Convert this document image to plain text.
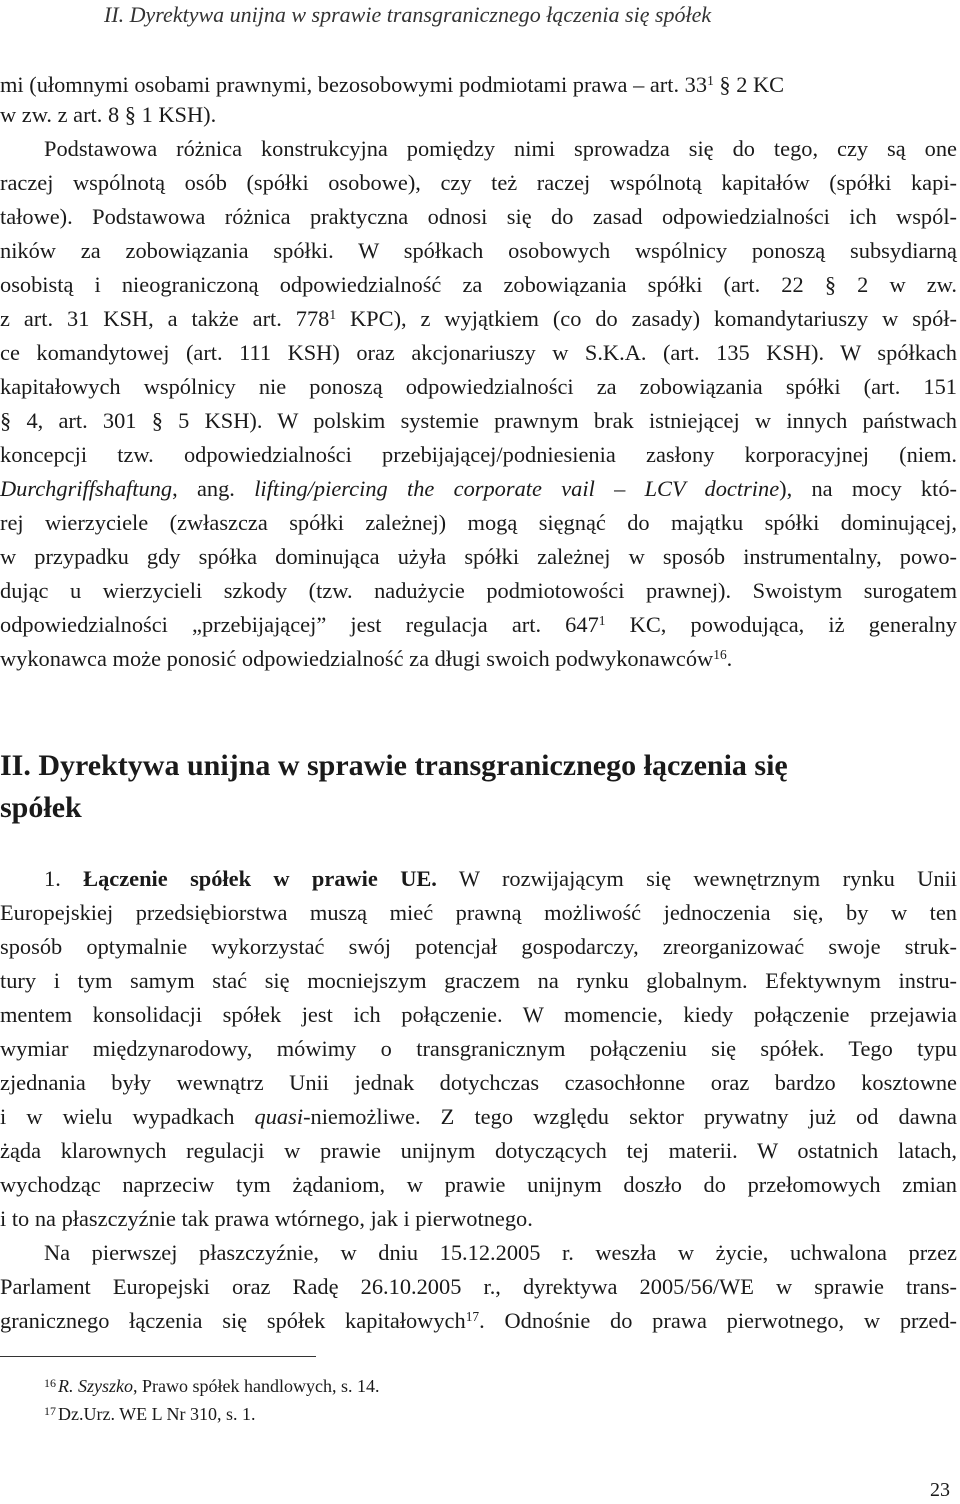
II. Dyrektywa unijna w sprawie transgranicznego łączenia się spółek
mi (ułomnymi osobami prawnymi, bezosobowymi podmiotami prawa – art. $33^1$ § 2 KC
w zw. z art. 8 § 1 KSH).
Podstawowa różnica konstrukcyjna pomiędzy nimi sprowadza się do tego, czy są one
raczej wspólnotą osób (spółki osobowe), czy też raczej wspólnotą kapitałów (spółki kapi-
tałowe). Podstawowa różnica praktyczna odnosi się do zasad odpowiedzialności ich wspól-
ników za zobowiązania spółki. W spółkach osobowych wspólnicy ponoszą subsydiarną
osobistą i nieograniczoną odpowiedzialność za zobowiązania spółki (art. 22 § 2 w zw.
z art. 31 KSH, a także art. $778^1$ KPC), z wyjątkiem (co do zasady) komandytariuszy w spół-
ce komandytowej (art. 111 KSH) oraz akcjonariuszy w S.K.A. (art. 135 KSH). W spółkach
kapitałowych wspólnicy nie ponoszą odpowiedzialności za zobowiązania spółki (art. 151
§ 4, art. 301 § 5 KSH). W polskim systemie prawnym brak istniejącej w innych państwach
koncepcji tzw. odpowiedzialności przebijającej/podniesienia zasłony korporacyjnej (niem.
Durchgriffshaftung, ang. lifting/piercing the corporate vail – LCV doctrine), na mocy któ-
rej wierzyciele (zwłaszcza spółki zależnej) mogą sięgnąć do majątku spółki dominującej,
w przypadku gdy spółka dominująca użyła spółki zależnej w sposób instrumentalny, powo-
dując u wierzycieli szkody (tzw. nadużycie podmiotowości prawnej). Swoistym surogatem
odpowiedzialności „przebijającej” jest regulacja art. $647^1$ KC, powodująca, iż generalny
wykonawca może ponosić odpowiedzialność za długi swoich podwykonawców$^{16}$.
II. Dyrektywa unijna w sprawie transgranicznego łączenia się
spółek
1. Łączenie spółek w prawie UE. W rozwijającym się wewnętrznym rynku Unii
Europejskiej przedsiębiorstwa muszą mieć prawną możliwość jednoczenia się, by w ten
sposób optymalnie wykorzystać swój potencjał gospodarczy, zreorganizować swoje struk-
tury i tym samym stać się mocniejszym graczem na rynku globalnym. Efektywnym instru-
mentem konsolidacji spółek jest ich połączenie. W momencie, kiedy połączenie przejawia
wymiar międzynarodowy, mówimy o transgranicznym połączeniu się spółek. Tego typu
zjednania były wewnątrz Unii jednak dotychczas czasochłonne oraz bardzo kosztowne
i w wielu wypadkach quasi-niemożliwe. Z tego względu sektor prywatny już od dawna
żąda klarownych regulacji w prawie unijnym dotyczących tej materii. W ostatnich latach,
wychodząc naprzeciw tym żądaniom, w prawie unijnym doszło do przełomowych zmian
i to na płaszczyźnie tak prawa wtórnego, jak i pierwotnego.
Na pierwszej płaszczyźnie, w dniu 15.12.2005 r. weszła w życie, uchwalona przez
Parlament Europejski oraz Radę 26.10.2005 r., dyrektywa 2005/56/WE w sprawie trans-
granicznego łączenia się spółek kapitałowych$^{17}$. Odnośnie do prawa pierwotnego, w przed-
$^{16}$ R. Szyszko, Prawo spółek handlowych, s. 14.
$^{17}$ Dz.Urz. WE L Nr 310, s. 1.
23
